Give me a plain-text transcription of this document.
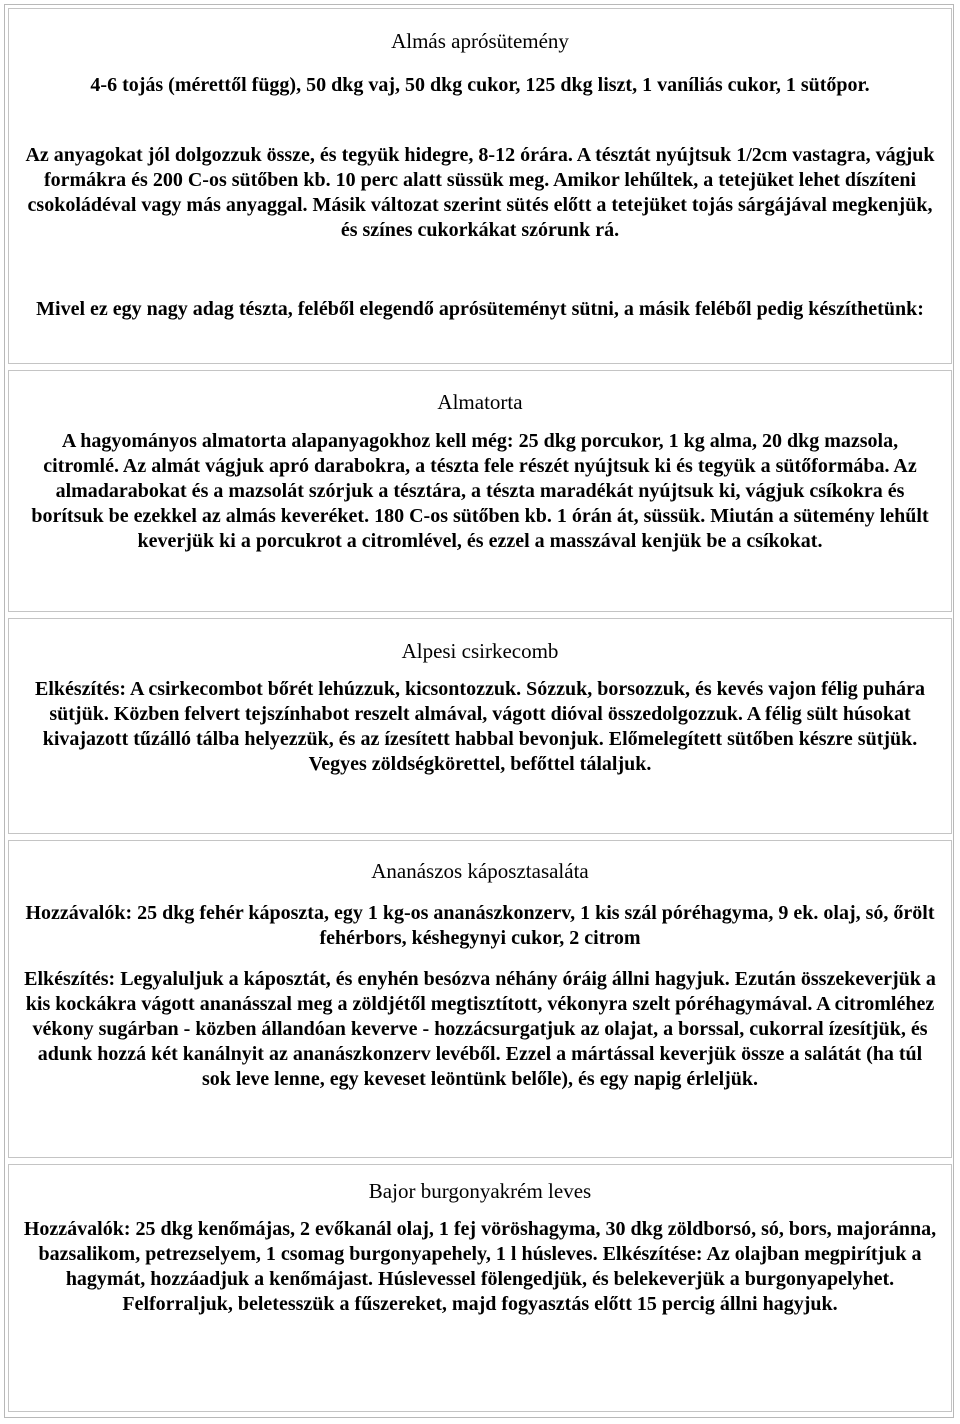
Almás aprósütemény

4-6 tojás (mérettől függ), 50 dkg vaj, 50 dkg cukor, 125 dkg liszt, 1 vaníliás cukor, 1 sütőpor.

Az anyagokat jól dolgozzuk össze, és tegyük hidegre, 8-12 órára. A tésztát nyújtsuk 1/2cm vastagra, vágjuk formákra és 200 C-os sütőben kb. 10 perc alatt süssük meg. Amikor lehűltek, a tetejüket lehet díszíteni csokoládéval vagy más anyaggal. Másik változat szerint sütés előtt a tetejüket tojás sárgájával megkenjük, és színes cukorkákat szórunk rá.

Mivel ez egy nagy adag tészta, feléből elegendő aprósüteményt sütni, a másik feléből pedig készíthetünk:

Almatorta

A hagyományos almatorta alapanyagokhoz kell még: 25 dkg porcukor, 1 kg alma, 20 dkg mazsola, citromlé. Az almát vágjuk apró darabokra, a tészta fele részét nyújtsuk ki és tegyük a sütőformába. Az almadarabokat és a mazsolát szórjuk a tésztára, a tészta maradékát nyújtsuk ki, vágjuk csíkokra és borítsuk be ezekkel az almás keveréket. 180 C-os sütőben kb. 1 órán át, süssük. Miután a sütemény lehűlt keverjük ki a porcukrot a citromlével, és ezzel a masszával kenjük be a csíkokat.

Alpesi csirkecomb

Elkészítés: A csirkecombot bőrét lehúzzuk, kicsontozzuk. Sózzuk, borsozzuk, és kevés vajon félig puhára sütjük. Közben felvert tejszínhabot reszelt almával, vágott dióval összedolgozzuk. A félig sült húsokat kivajazott tűzálló tálba helyezzük, és az ízesített habbal bevonjuk. Előmelegített sütőben készre sütjük. Vegyes zöldségkörettel, befőttel tálaljuk.

Ananászos káposztasaláta

Hozzávalók: 25 dkg fehér káposzta, egy 1 kg-os ananászkonzerv, 1 kis szál póréhagyma, 9 ek. olaj, só, őrölt fehérbors, késhegynyi cukor, 2 citrom

Elkészítés: Legyaluljuk a káposztát, és enyhén besózva néhány óráig állni hagyjuk. Ezután összekeverjük a kis kockákra vágott ananásszal meg a zöldjétől megtisztított, vékonyra szelt póréhagymával. A citromléhez vékony sugárban - közben állandóan keverve - hozzácsurgatjuk az olajat, a borssal, cukorral ízesítjük, és adunk hozzá két kanálnyit az ananászkonzerv levéből. Ezzel a mártással keverjük össze a salátát (ha túl sok leve lenne, egy keveset leöntünk belőle), és egy napig érleljük.

Bajor burgonyakrém leves

Hozzávalók: 25 dkg kenőmájas, 2 evőkanál olaj, 1 fej vöröshagyma, 30 dkg zöldborsó, só, bors, majoránna, bazsalikom, petrezselyem, 1 csomag burgonyapehely, 1 l húsleves. Elkészítése: Az olajban megpirítjuk a hagymát, hozzáadjuk a kenőmájast. Húslevessel fölengedjük, és belekeverjük a burgonyapelyhet. Felforraljuk, beletesszük a fűszereket, majd fogyasztás előtt 15 percig állni hagyjuk.
